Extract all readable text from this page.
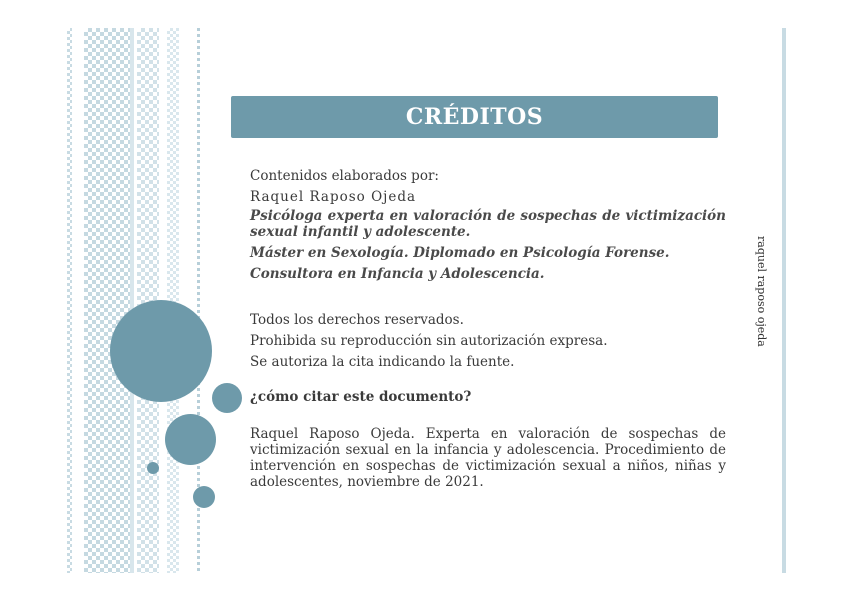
raquel raposo ojeda
CRÉDITOS

Contenidos elaborados por:

Raquel Raposo Ojeda

Psicóloga experta en valoración de sospechas de victimización sexual infantil y adolescente.

Máster en Sexología. Diplomado en Psicología Forense.

Consultora en Infancia y Adolescencia.

Todos los derechos reservados.

Prohibida su reproducción sin autorización expresa.

Se autoriza la cita indicando la fuente.

¿cómo citar este documento?

Raquel Raposo Ojeda. Experta en valoración de sospechas de victimización sexual en la infancia y adolescencia. Procedimiento de intervención en sospechas de victimización sexual a niños, niñas y adolescentes, noviembre de 2021.
